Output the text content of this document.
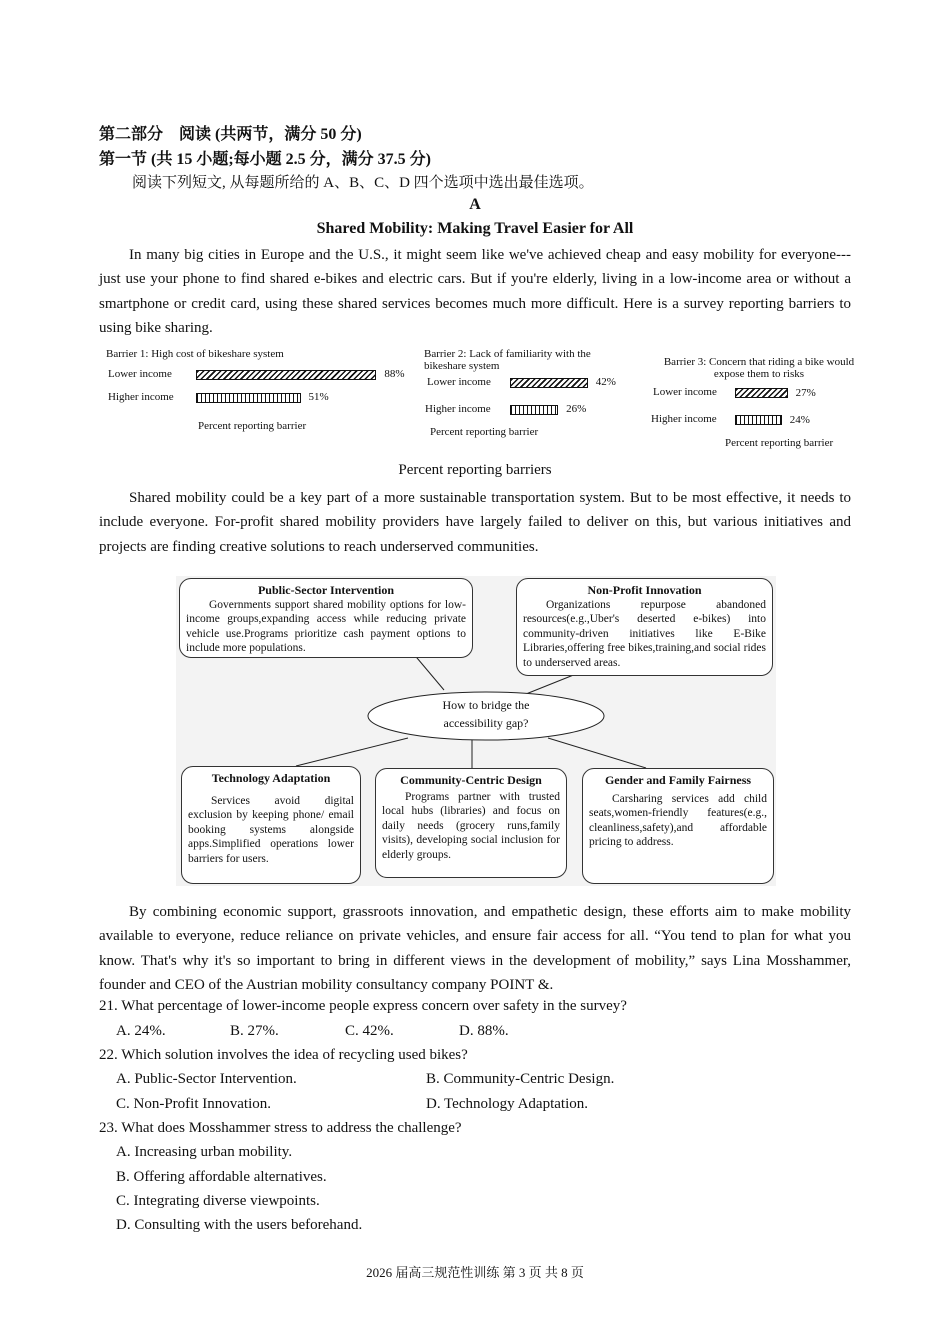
第二部分　阅读 (共两节，满分 50 分)
第一节 (共 15 小题;每小题 2.5 分，满分 37.5 分)
阅读下列短文, 从每题所给的 A、B、C、D 四个选项中选出最佳选项。
A
Shared Mobility: Making Travel Easier for All

In many big cities in Europe and the U.S., it might seem like we've achieved cheap and easy mobility for everyone---just use your phone to find shared e-bikes and electric cars. But if you're elderly, living in a low-income area or without a smartphone or credit card, using these shared services becomes much more difficult. Here is a survey reporting barriers to using bike sharing.

Barrier 1: High cost of bikeshare system
Lower income
Higher income
88%
51%
Percent reporting barrier
Barrier 2: Lack of familiarity with the bikeshare system
Lower income
Higher income
42%
26%
Percent reporting barrier
Barrier 3: Concern that riding a bike would expose them to risks
Lower income
Higher income
27%
24%
Percent reporting barrier
Percent reporting barriers

Shared mobility could be a key part of a more sustainable transportation system. But to be most effective, it needs to include everyone. For-profit shared mobility providers have largely failed to deliver on this, but various initiatives and projects are finding creative solutions to reach underserved communities.

How to bridge the accessibility gap?
Public-Sector Intervention
Governments support shared mobility options for low-income groups,expanding access while reducing private vehicle use.Programs prioritize cash payment options to include more populations.
Non-Profit Innovation
Organizations repurpose abandoned resources(e.g.,Uber's deserted e-bikes) into community-driven initiatives like E-Bike Libraries,offering free bikes,training,and social rides to underserved areas.
Technology Adaptation
Services avoid digital exclusion by keeping phone/ email booking systems alongside apps.Simplified operations lower barriers for users.
Community-Centric Design
Programs partner with trusted local hubs (libraries) and focus on daily needs (grocery runs,family visits), developing social inclusion for elderly groups.
Gender and Family Fairness
Carsharing services add child seats,women-friendly features(e.g., cleanliness,safety),and affordable pricing to address.

By combining economic support, grassroots innovation, and empathetic design, these efforts aim to make mobility available to everyone, reduce reliance on private vehicles, and ensure fair access for all. “You tend to plan for what you know. That's why it's so important to bring in different views in the development of mobility,” says Lina Mosshammer, founder and CEO of the Austrian mobility consultancy company POINT &.

21. What percentage of lower-income people express concern over safety in the survey?
A. 24%.	B. 27%.	C. 42%.	D. 88%.
22. Which solution involves the idea of recycling used bikes?
A. Public-Sector Intervention.	B. Community-Centric Design.
C. Non-Profit Innovation.	D. Technology Adaptation.
23. What does Mosshammer stress to address the challenge?
A. Increasing urban mobility.
B. Offering affordable alternatives.
C. Integrating diverse viewpoints.
D. Consulting with the users beforehand.
2026 届高三规范性训练 第 3 页 共 8 页
